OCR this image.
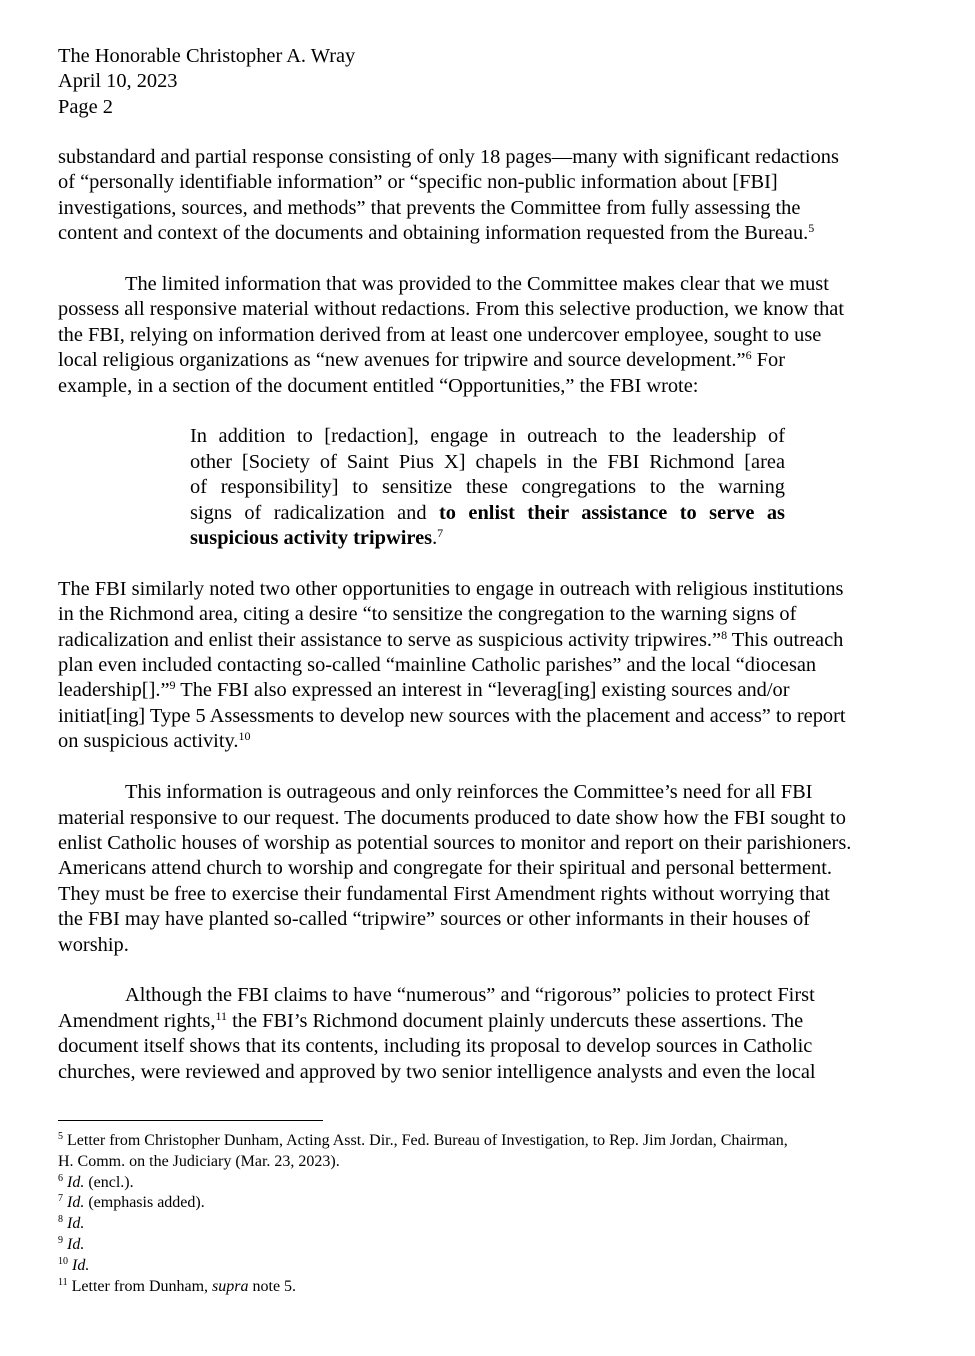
The Honorable Christopher A. Wray
April 10, 2023
Page 2

substandard and partial response consisting of only 18 pages—many with significant redactions
of “personally identifiable information” or “specific non-public information about [FBI]
investigations, sources, and methods” that prevents the Committee from fully assessing the
content and context of the documents and obtaining information requested from the Bureau.$^5$

The limited information that was provided to the Committee makes clear that we must
possess all responsive material without redactions. From this selective production, we know that
the FBI, relying on information derived from at least one undercover employee, sought to use
local religious organizations as “new avenues for tripwire and source development.”$^6$ For
example, in a section of the document entitled “Opportunities,” the FBI wrote:

In addition to [redaction], engage in outreach to the leadership of
other [Society of Saint Pius X] chapels in the FBI Richmond [area
of responsibility] to sensitize these congregations to the warning
signs of radicalization and to enlist their assistance to serve as
suspicious activity tripwires.$^7$

The FBI similarly noted two other opportunities to engage in outreach with religious institutions
in the Richmond area, citing a desire “to sensitize the congregation to the warning signs of
radicalization and enlist their assistance to serve as suspicious activity tripwires.”$^8$ This outreach
plan even included contacting so-called “mainline Catholic parishes” and the local “diocesan
leadership[].”$^9$ The FBI also expressed an interest in “leverag[ing] existing sources and/or
initiat[ing] Type 5 Assessments to develop new sources with the placement and access” to report
on suspicious activity.$^{10}$

This information is outrageous and only reinforces the Committee’s need for all FBI
material responsive to our request. The documents produced to date show how the FBI sought to
enlist Catholic houses of worship as potential sources to monitor and report on their parishioners.
Americans attend church to worship and congregate for their spiritual and personal betterment.
They must be free to exercise their fundamental First Amendment rights without worrying that
the FBI may have planted so-called “tripwire” sources or other informants in their houses of
worship.

Although the FBI claims to have “numerous” and “rigorous” policies to protect First
Amendment rights,$^{11}$ the FBI’s Richmond document plainly undercuts these assertions. The
document itself shows that its contents, including its proposal to develop sources in Catholic
churches, were reviewed and approved by two senior intelligence analysts and even the local

$^5$ Letter from Christopher Dunham, Acting Asst. Dir., Fed. Bureau of Investigation, to Rep. Jim Jordan, Chairman,
H. Comm. on the Judiciary (Mar. 23, 2023).
$^6$ Id. (encl.).
$^7$ Id. (emphasis added).
$^8$ Id.
$^9$ Id.
$^{10}$ Id.
$^{11}$ Letter from Dunham, supra note 5.
